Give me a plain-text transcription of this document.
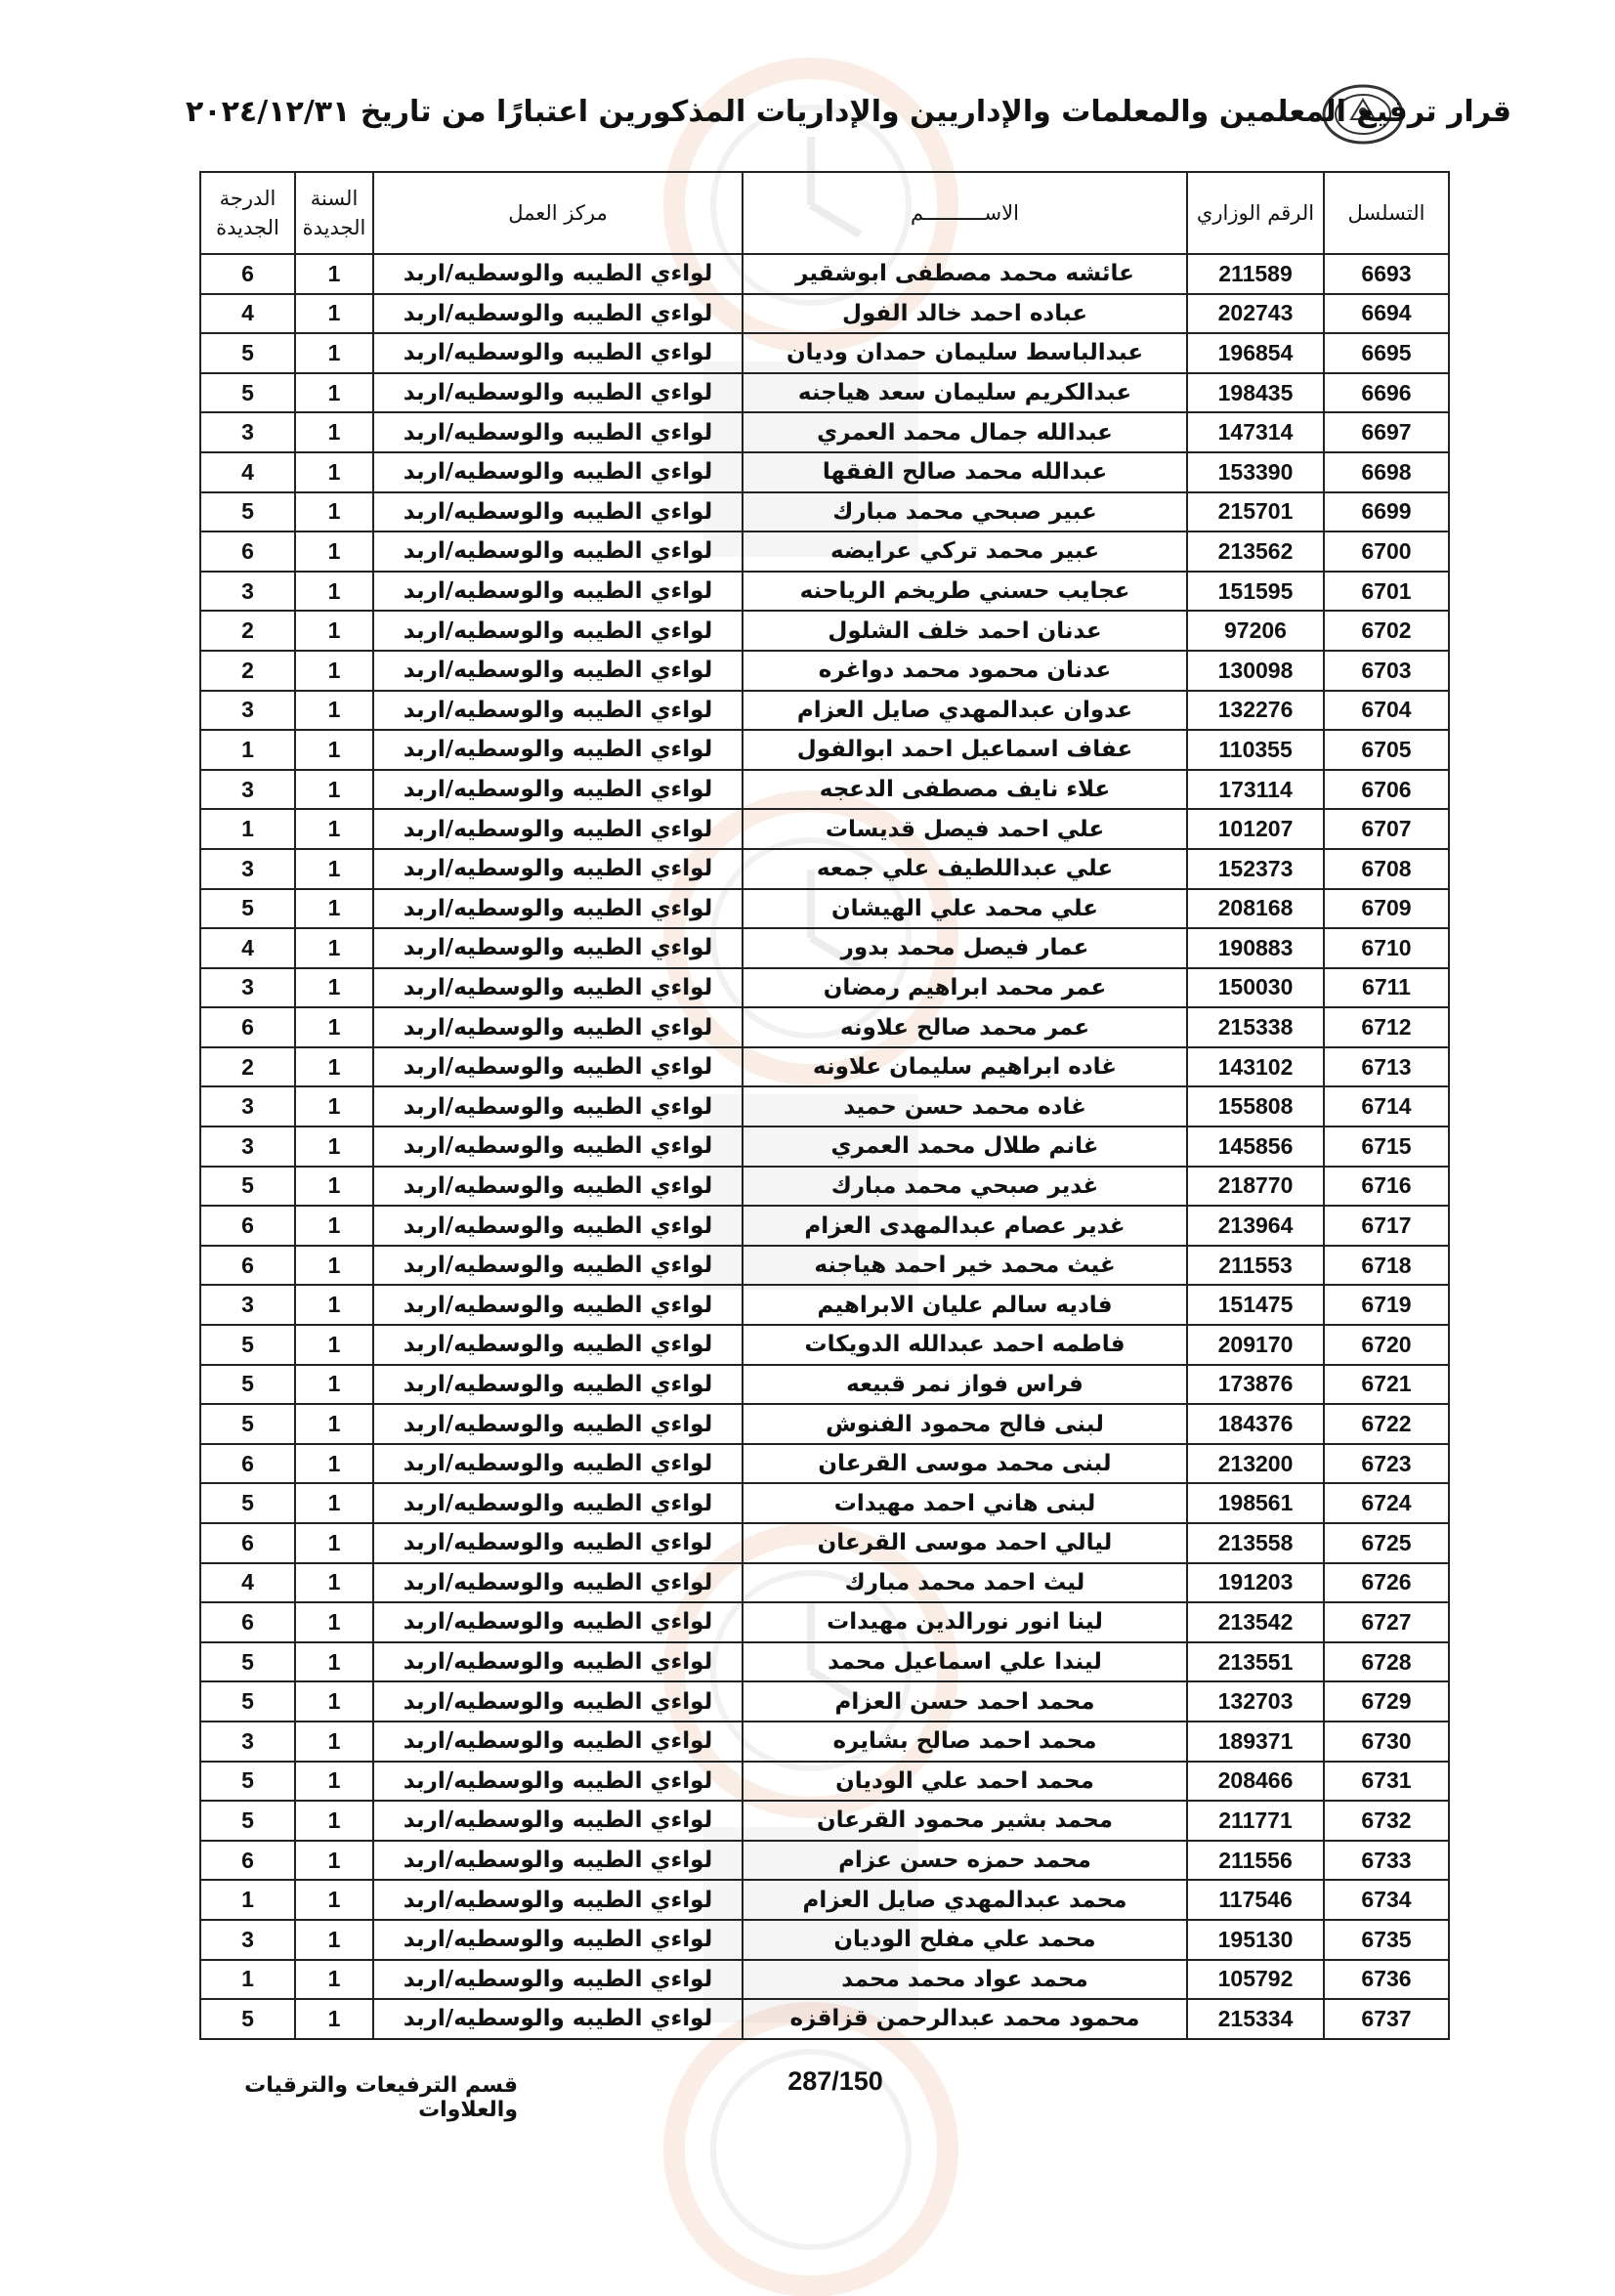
قرار ترفيع المعلمين والمعلمات والإداريين والإداريات المذكورين اعتبارًا من تاريخ ٢٠٢٤/١٢/٣١
التسلسل	الرقم الوزاري	الاســــــــــم	مركز العمل	السنة الجديدة	الدرجة الجديدة
6693	211589	عائشه محمد مصطفى ابوشقير	لواءي الطيبه والوسطيه/اربد	1	6
6694	202743	عباده احمد خالد الفول	لواءي الطيبه والوسطيه/اربد	1	4
6695	196854	عبدالباسط سليمان حمدان وديان	لواءي الطيبه والوسطيه/اربد	1	5
6696	198435	عبدالكريم سليمان سعد هياجنه	لواءي الطيبه والوسطيه/اربد	1	5
6697	147314	عبدالله جمال محمد العمري	لواءي الطيبه والوسطيه/اربد	1	3
6698	153390	عبدالله محمد صالح الفقها	لواءي الطيبه والوسطيه/اربد	1	4
6699	215701	عبير صبحي محمد مبارك	لواءي الطيبه والوسطيه/اربد	1	5
6700	213562	عبير محمد تركي عرايضه	لواءي الطيبه والوسطيه/اربد	1	6
6701	151595	عجايب حسني طريخم الرياحنه	لواءي الطيبه والوسطيه/اربد	1	3
6702	97206	عدنان احمد خلف الشلول	لواءي الطيبه والوسطيه/اربد	1	2
6703	130098	عدنان محمود محمد دواغره	لواءي الطيبه والوسطيه/اربد	1	2
6704	132276	عدوان عبدالمهدي صايل العزام	لواءي الطيبه والوسطيه/اربد	1	3
6705	110355	عفاف اسماعيل احمد ابوالفول	لواءي الطيبه والوسطيه/اربد	1	1
6706	173114	علاء نايف مصطفى الدعجه	لواءي الطيبه والوسطيه/اربد	1	3
6707	101207	علي احمد فيصل قديسات	لواءي الطيبه والوسطيه/اربد	1	1
6708	152373	علي عبداللطيف علي جمعه	لواءي الطيبه والوسطيه/اربد	1	3
6709	208168	علي محمد علي الهيشان	لواءي الطيبه والوسطيه/اربد	1	5
6710	190883	عمار فيصل محمد بدور	لواءي الطيبه والوسطيه/اربد	1	4
6711	150030	عمر محمد ابراهيم رمضان	لواءي الطيبه والوسطيه/اربد	1	3
6712	215338	عمر محمد صالح علاونه	لواءي الطيبه والوسطيه/اربد	1	6
6713	143102	غاده ابراهيم سليمان علاونه	لواءي الطيبه والوسطيه/اربد	1	2
6714	155808	غاده محمد حسن حميد	لواءي الطيبه والوسطيه/اربد	1	3
6715	145856	غانم طلال محمد العمري	لواءي الطيبه والوسطيه/اربد	1	3
6716	218770	غدير صبحي محمد مبارك	لواءي الطيبه والوسطيه/اربد	1	5
6717	213964	غدير عصام عبدالمهدى العزام	لواءي الطيبه والوسطيه/اربد	1	6
6718	211553	غيث محمد خير احمد هياجنه	لواءي الطيبه والوسطيه/اربد	1	6
6719	151475	فاديه سالم عليان الابراهيم	لواءي الطيبه والوسطيه/اربد	1	3
6720	209170	فاطمه احمد عبدالله الدويكات	لواءي الطيبه والوسطيه/اربد	1	5
6721	173876	فراس فواز نمر قبيعه	لواءي الطيبه والوسطيه/اربد	1	5
6722	184376	لبنى فالح محمود الفنوش	لواءي الطيبه والوسطيه/اربد	1	5
6723	213200	لبنى محمد موسى القرعان	لواءي الطيبه والوسطيه/اربد	1	6
6724	198561	لبنى هاني احمد مهيدات	لواءي الطيبه والوسطيه/اربد	1	5
6725	213558	ليالي احمد موسى القرعان	لواءي الطيبه والوسطيه/اربد	1	6
6726	191203	ليث احمد محمد مبارك	لواءي الطيبه والوسطيه/اربد	1	4
6727	213542	لينا انور نورالدين مهيدات	لواءي الطيبه والوسطيه/اربد	1	6
6728	213551	ليندا علي اسماعيل محمد	لواءي الطيبه والوسطيه/اربد	1	5
6729	132703	محمد احمد حسن العزام	لواءي الطيبه والوسطيه/اربد	1	5
6730	189371	محمد احمد صالح بشايره	لواءي الطيبه والوسطيه/اربد	1	3
6731	208466	محمد احمد علي الوديان	لواءي الطيبه والوسطيه/اربد	1	5
6732	211771	محمد بشير محمود القرعان	لواءي الطيبه والوسطيه/اربد	1	5
6733	211556	محمد حمزه حسن عزام	لواءي الطيبه والوسطيه/اربد	1	6
6734	117546	محمد عبدالمهدي صايل العزام	لواءي الطيبه والوسطيه/اربد	1	1
6735	195130	محمد علي مفلح الوديان	لواءي الطيبه والوسطيه/اربد	1	3
6736	105792	محمد عواد محمد محمد	لواءي الطيبه والوسطيه/اربد	1	1
6737	215334	محمود محمد عبدالرحمن قزاقزه	لواءي الطيبه والوسطيه/اربد	1	5
287/150
قسم الترفيعات والترقيات والعلاوات
